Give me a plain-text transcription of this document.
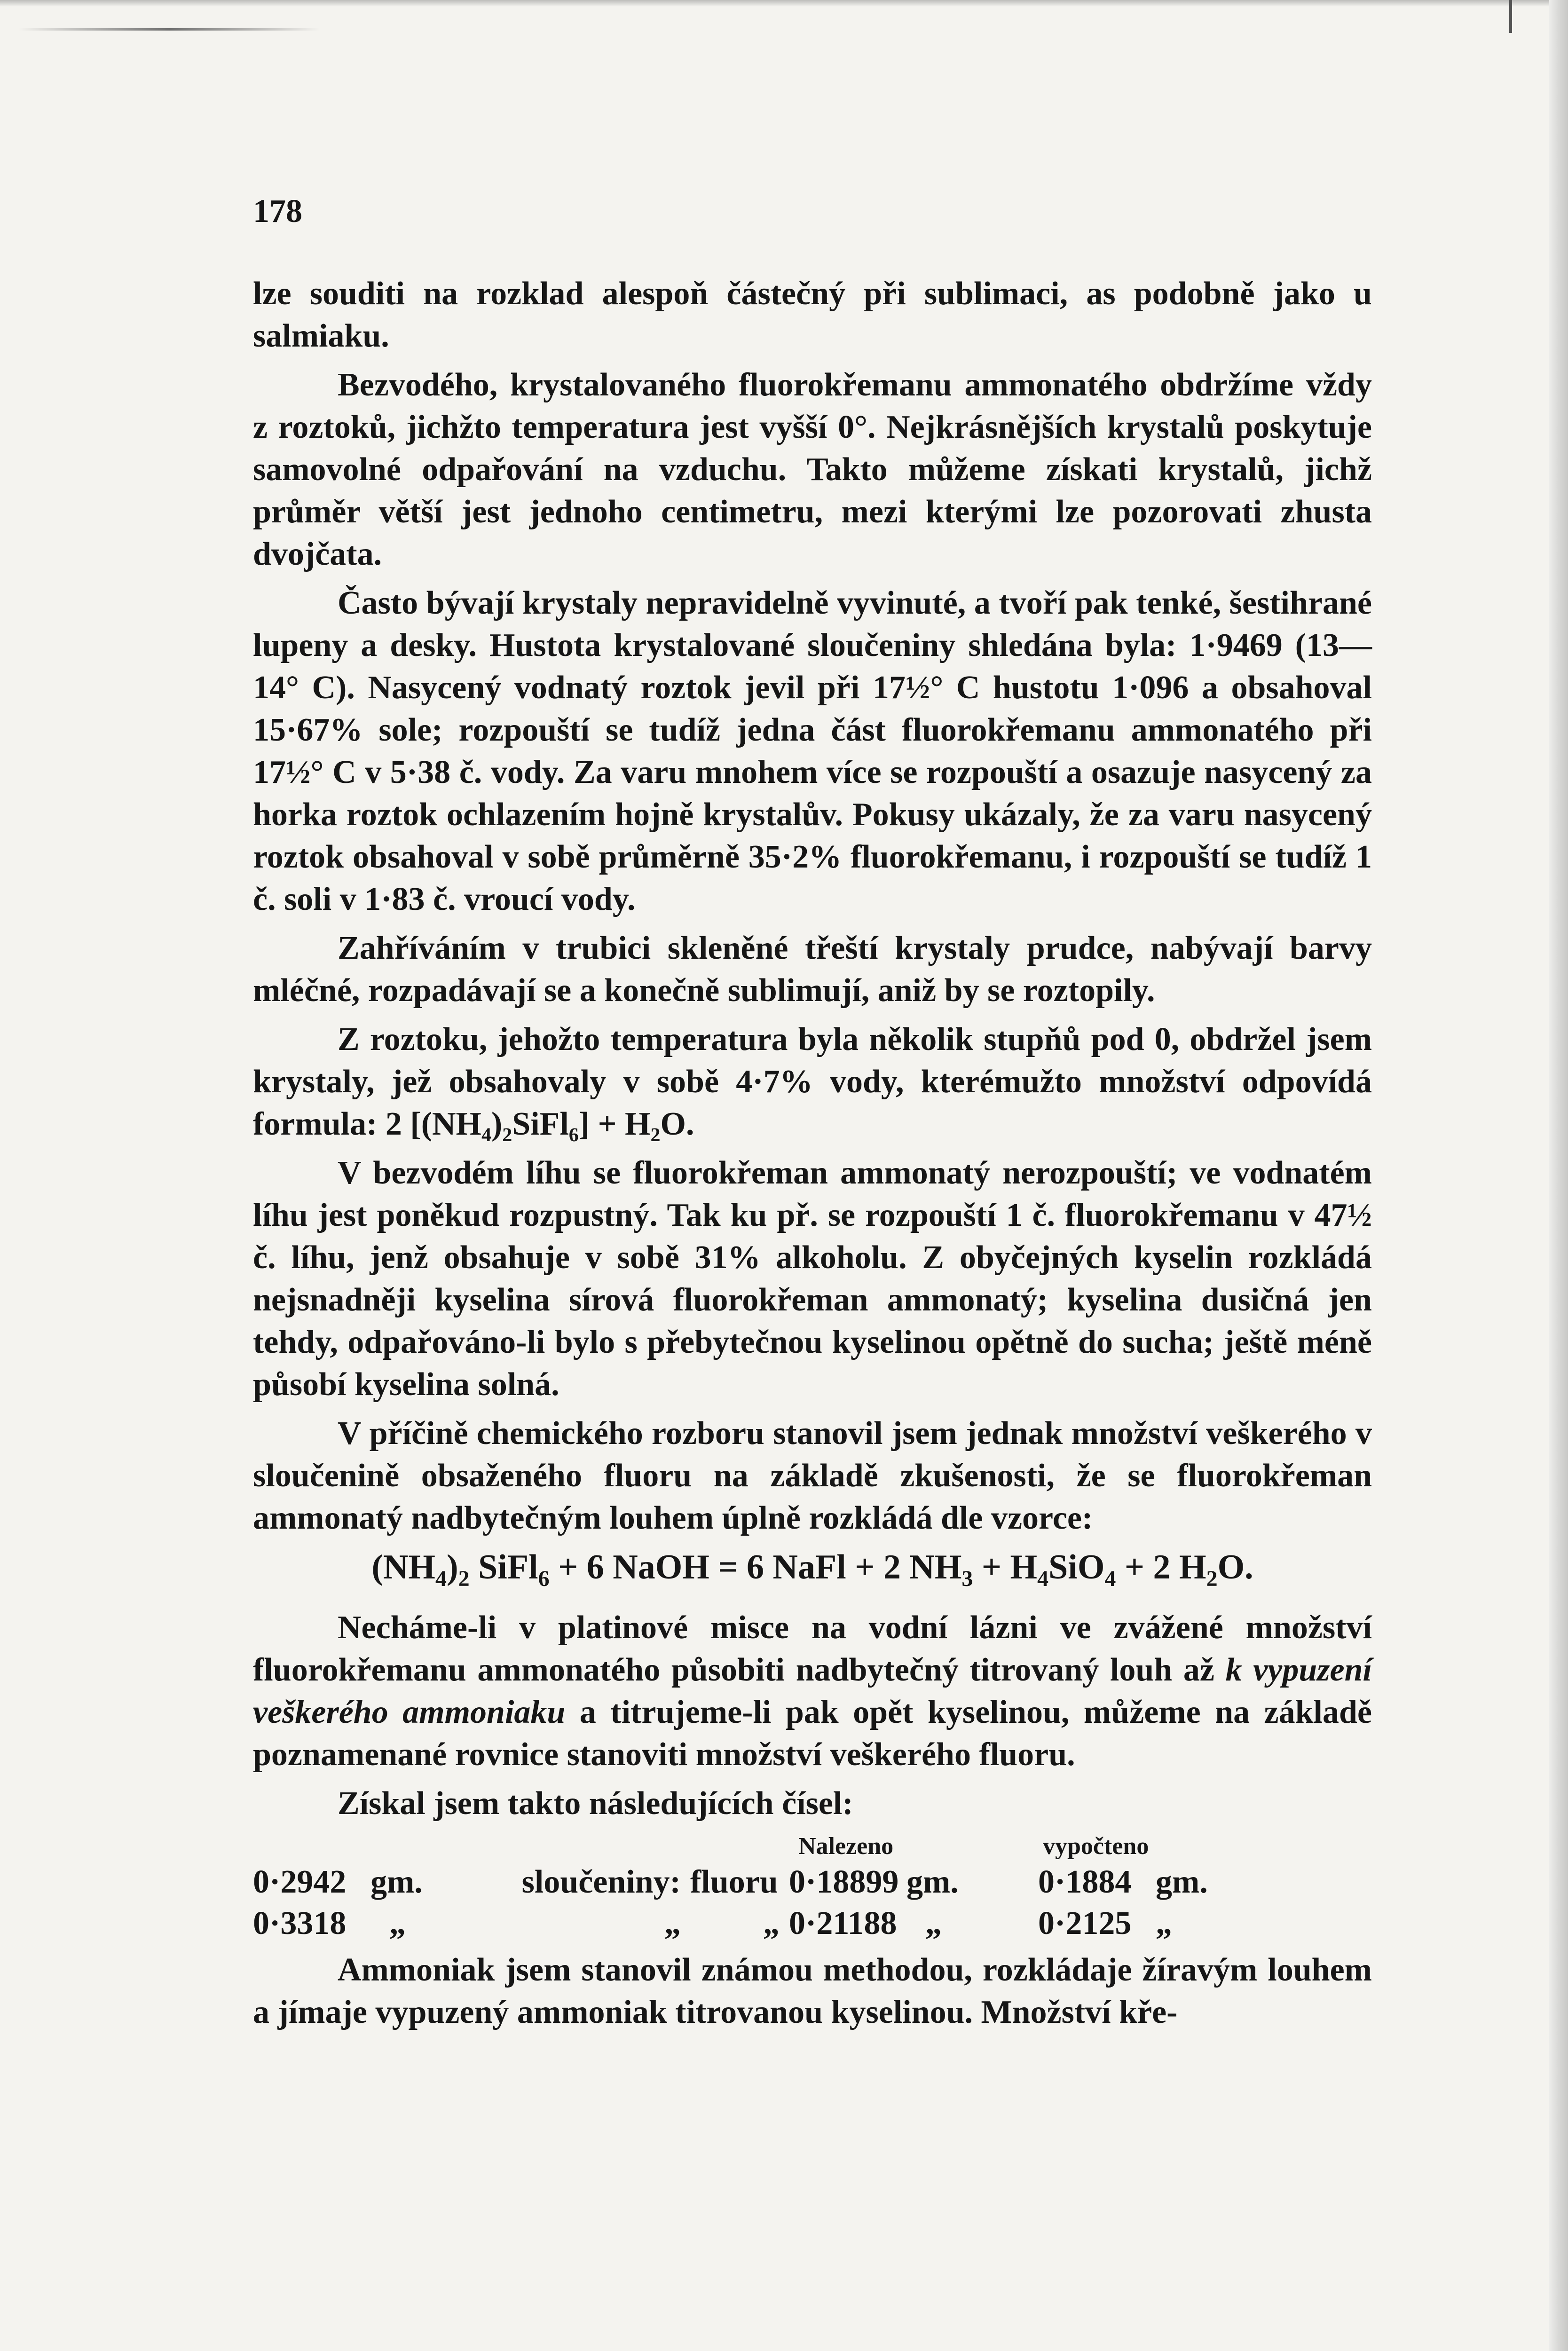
178

lze souditi na rozklad alespoň částečný při sublimaci, as podobně jako u salmiaku.

Bezvodého, krystalovaného fluorokřemanu ammonatého obdržíme vždy z roztoků, jichžto temperatura jest vyšší 0°. Nejkrásnějších krystalů poskytuje samovolné odpařování na vzduchu. Takto můžeme získati krystalů, jichž průměr větší jest jednoho centimetru, mezi kterými lze pozorovati zhusta dvojčata.

Často bývají krystaly nepravidelně vyvinuté, a tvoří pak tenké, šestihrané lupeny a desky. Hustota krystalované sloučeniny shledána byla: 1·9469 (13—14° C). Nasycený vodnatý roztok jevil při 17½° C hustotu 1·096 a obsahoval 15·67% sole; rozpouští se tudíž jedna část fluorokřemanu ammonatého při 17½° C v 5·38 č. vody. Za varu mnohem více se rozpouští a osazuje nasycený za horka roztok ochlazením hojně krystalův. Pokusy ukázaly, že za varu nasycený roztok obsahoval v sobě průměrně 35·2% fluorokřemanu, i rozpouští se tudíž 1 č. soli v 1·83 č. vroucí vody.

Zahříváním v trubici skleněné třeští krystaly prudce, nabývají barvy mléčné, rozpadávají se a konečně sublimují, aniž by se roztopily.

Z roztoku, jehožto temperatura byla několik stupňů pod 0, obdržel jsem krystaly, jež obsahovaly v sobě 4·7% vody, kterémužto množství odpovídá formula: 2 [(NH₄)₂SiFl₆] + H₂O.

V bezvodém líhu se fluorokřeman ammonatý nerozpouští; ve vodnatém líhu jest poněkud rozpustný. Tak ku př. se rozpouští 1 č. fluorokřemanu v 47½ č. líhu, jenž obsahuje v sobě 31% alkoholu. Z obyčejných kyselin rozkládá nejsnadněji kyselina sírová fluorokřeman ammonatý; kyselina dusičná jen tehdy, odpařováno-li bylo s přebytečnou kyselinou opětně do sucha; ještě méně působí kyselina solná.

V příčině chemického rozboru stanovil jsem jednak množství veškerého v sloučenině obsaženého fluoru na základě zkušenosti, že se fluorokřeman ammonatý nadbytečným louhem úplně rozkládá dle vzorce:

$(NH_4)_2$ SiFl$_6$ + 6 NaOH = 6 NaFl + 2 $NH_3 + H_4SiO_4 + 2$ $H_2O$.

Necháme-li v platinové misce na vodní lázni ve zvážené množství fluorokřemanu ammonatého působiti nadbytečný titrovaný louh až k vypuzení veškerého ammoniaku a titrujeme-li pak opět kyselinou, můžeme na základě poznamenané rovnice stanoviti množství veškerého fluoru.

Získal jsem takto následujících čísel:

				Nalezeno		vypočteno	
0·2942	gm.	sloučeniny:	fluoru	0·18899	gm.	0·1884	gm.
0·3318	„	„	„	0·21188	„	0·2125	„

Ammoniak jsem stanovil známou methodou, rozkládaje žíravým louhem a jímaje vypuzený ammoniak titrovanou kyselinou. Množství kře-
